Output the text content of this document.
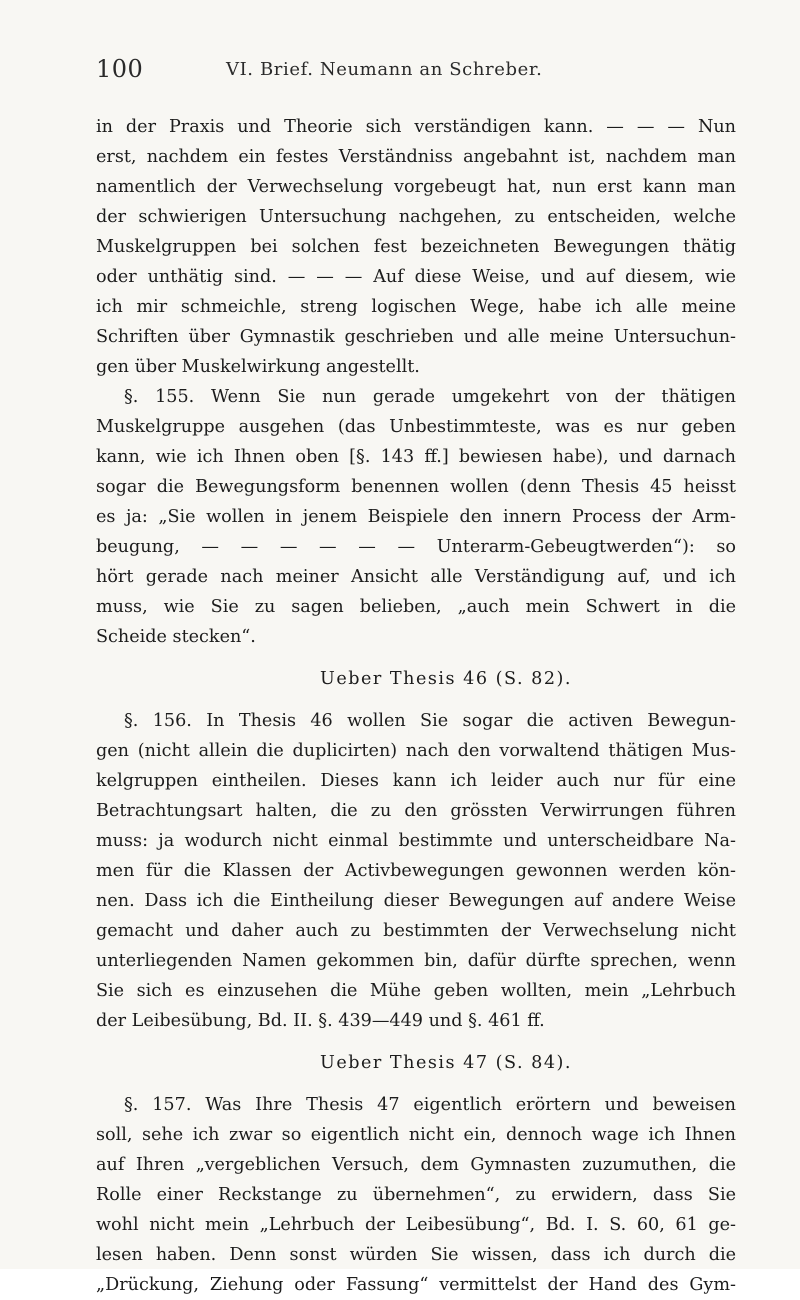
100	VI. Brief. Neumann an Schreber.
in der Praxis und Theorie sich verständigen kann. — — — Nun
erst, nachdem ein festes Verständniss angebahnt ist, nachdem man
namentlich der Verwechselung vorgebeugt hat, nun erst kann man
der schwierigen Untersuchung nachgehen, zu entscheiden, welche
Muskelgruppen bei solchen fest bezeichneten Bewegungen thätig
oder unthätig sind. — — — Auf diese Weise, und auf diesem, wie
ich mir schmeichle, streng logischen Wege, habe ich alle meine
Schriften über Gymnastik geschrieben und alle meine Untersuchun-
gen über Muskelwirkung angestellt.
§. 155. Wenn Sie nun gerade umgekehrt von der thätigen
Muskelgruppe ausgehen (das Unbestimmteste, was es nur geben
kann, wie ich Ihnen oben [§. 143 ff.] bewiesen habe), und darnach
sogar die Bewegungsform benennen wollen (denn Thesis 45 heisst
es ja: „Sie wollen in jenem Beispiele den innern Process der Arm-
beugung, — — — — — — Unterarm-Gebeugtwerden“): so
hört gerade nach meiner Ansicht alle Verständigung auf, und ich
muss, wie Sie zu sagen belieben, „auch mein Schwert in die
Scheide stecken“.
Ueber Thesis 46 (S. 82).
§. 156. In Thesis 46 wollen Sie sogar die activen Bewegun-
gen (nicht allein die duplicirten) nach den vorwaltend thätigen Mus-
kelgruppen eintheilen. Dieses kann ich leider auch nur für eine
Betrachtungsart halten, die zu den grössten Verwirrungen führen
muss: ja wodurch nicht einmal bestimmte und unterscheidbare Na-
men für die Klassen der Activbewegungen gewonnen werden kön-
nen. Dass ich die Eintheilung dieser Bewegungen auf andere Weise
gemacht und daher auch zu bestimmten der Verwechselung nicht
unterliegenden Namen gekommen bin, dafür dürfte sprechen, wenn
Sie sich es einzusehen die Mühe geben wollten, mein „Lehrbuch
der Leibesübung, Bd. II. §. 439—449 und §. 461 ff.
Ueber Thesis 47 (S. 84).
§. 157. Was Ihre Thesis 47 eigentlich erörtern und beweisen
soll, sehe ich zwar so eigentlich nicht ein, dennoch wage ich Ihnen
auf Ihren „vergeblichen Versuch, dem Gymnasten zuzumuthen, die
Rolle einer Reckstange zu übernehmen“, zu erwidern, dass Sie
wohl nicht mein „Lehrbuch der Leibesübung“, Bd. I. S. 60, 61 ge-
lesen haben. Denn sonst würden Sie wissen, dass ich durch die
„Drückung, Ziehung oder Fassung“ vermittelst der Hand des Gym-
